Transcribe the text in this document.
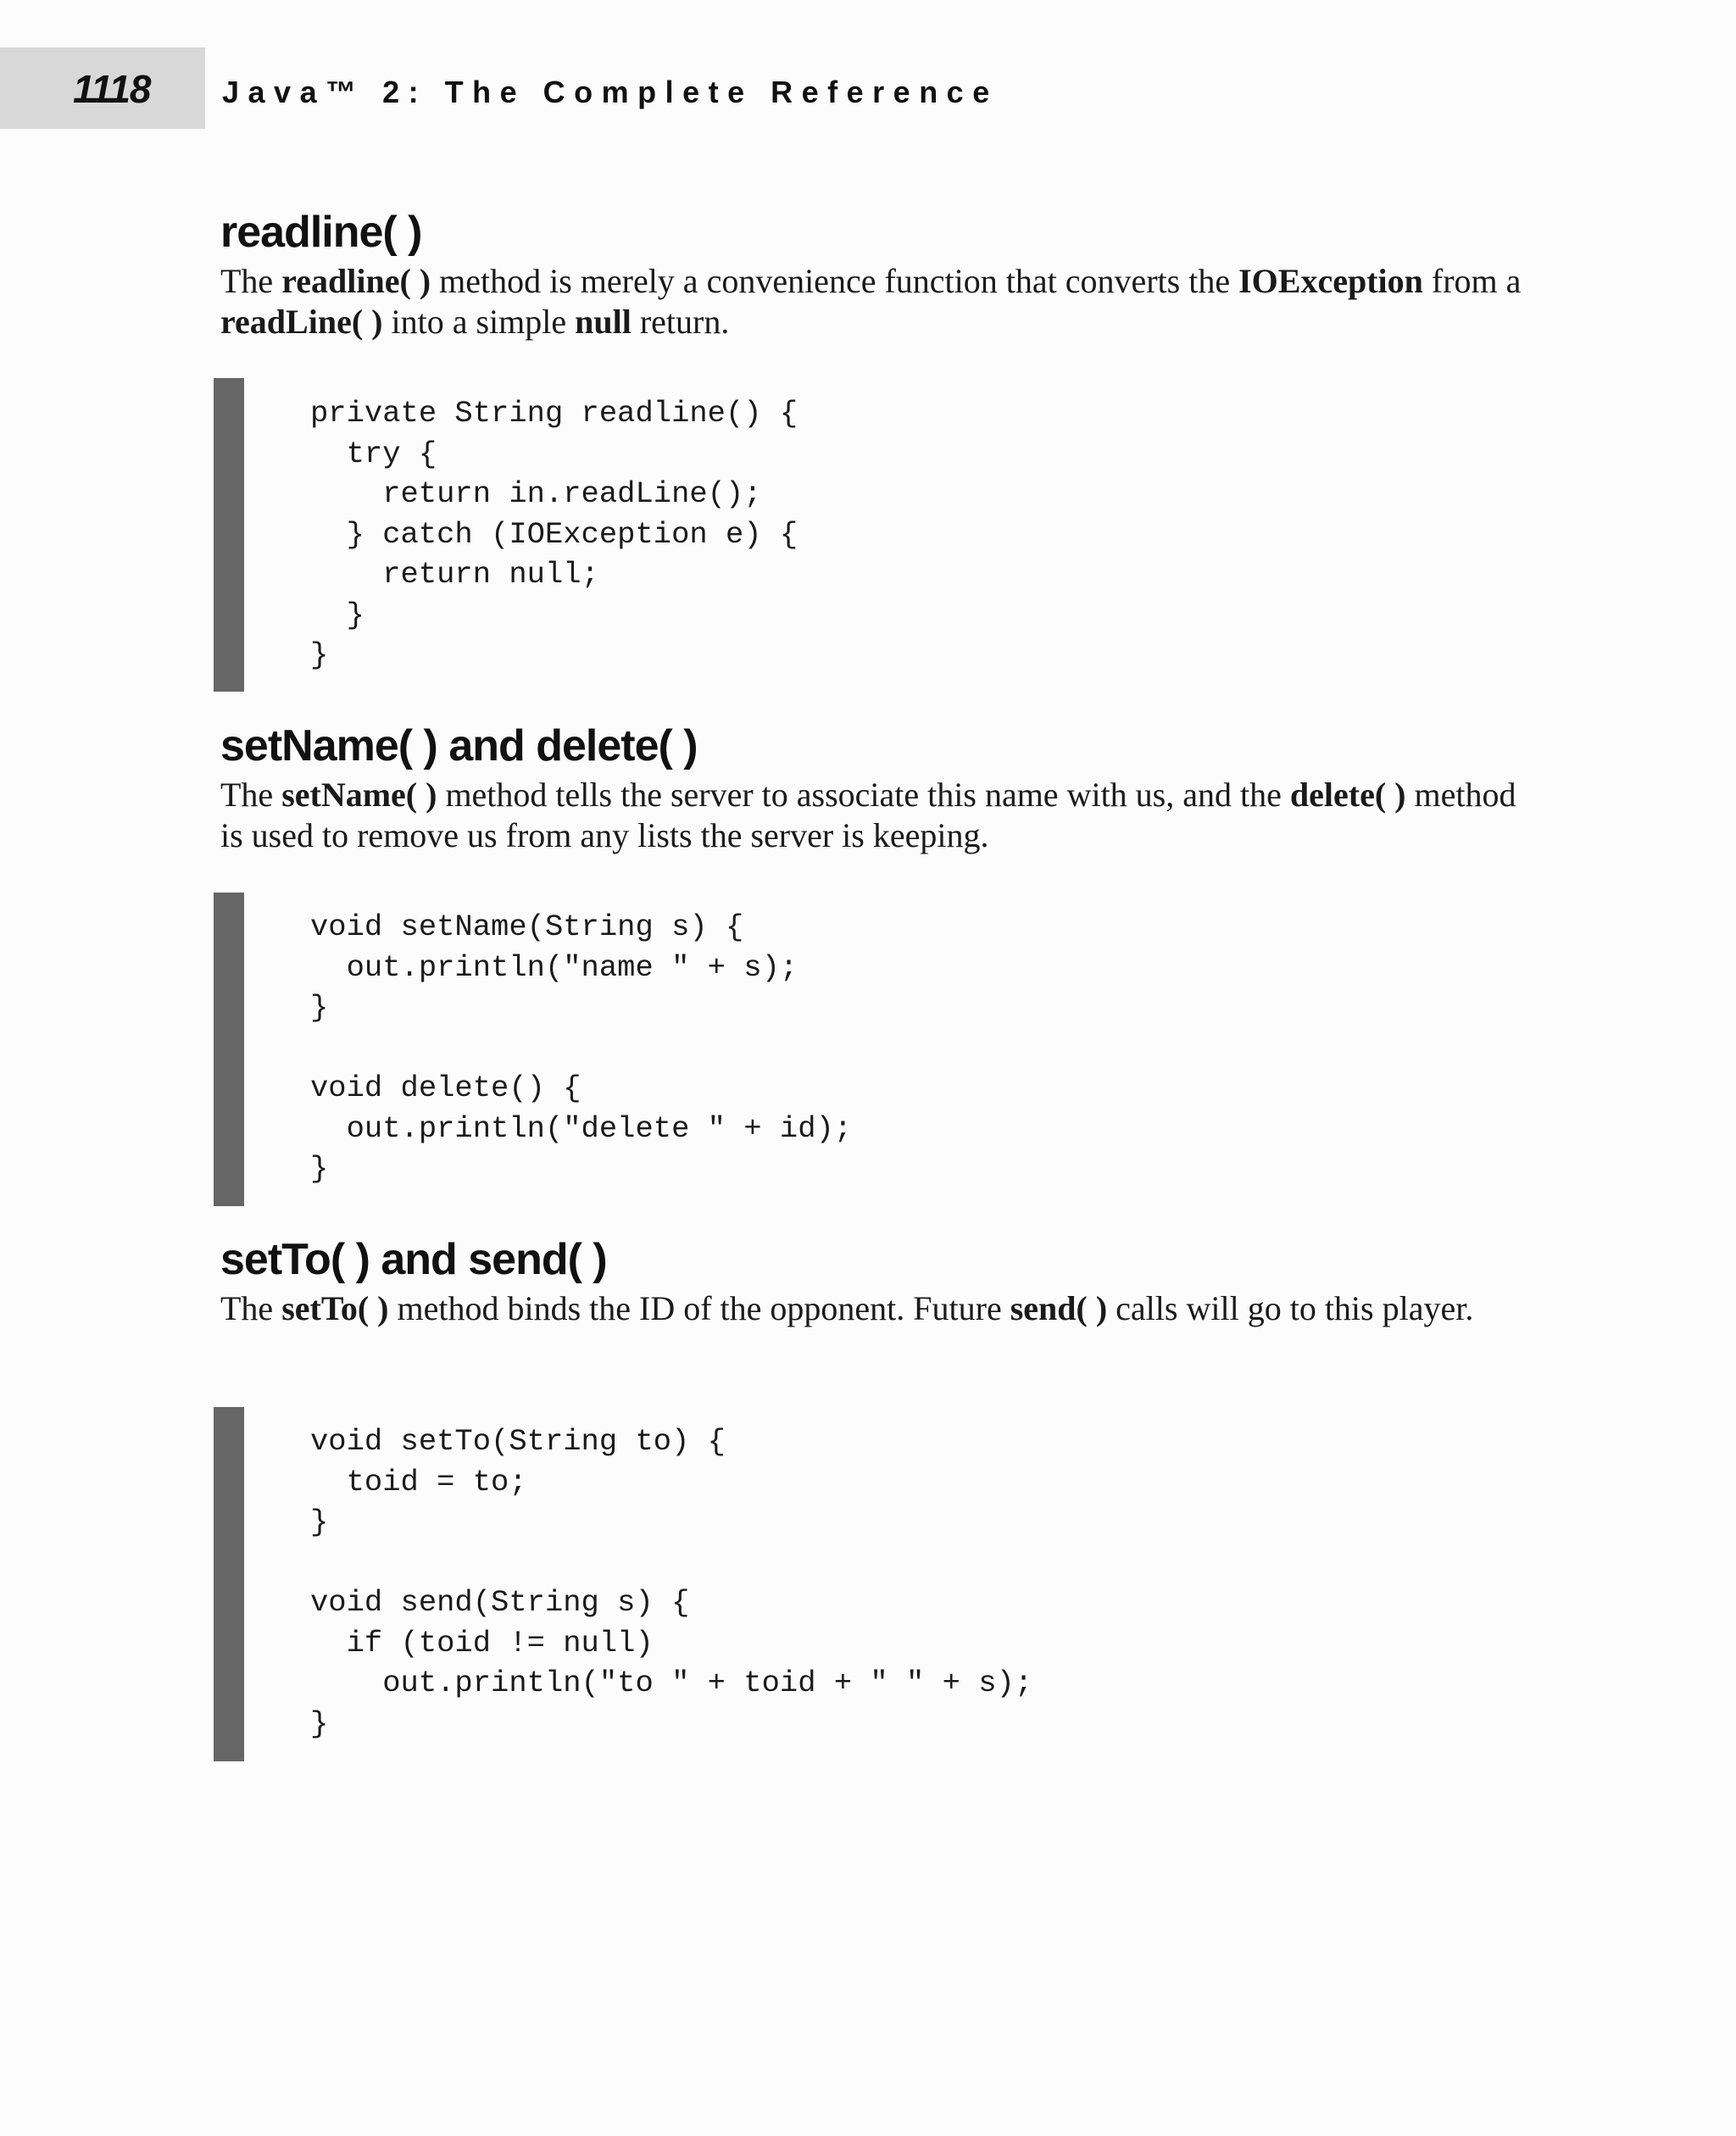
1118 Java™ 2: The Complete Reference
readline( )

The readline( ) method is merely a convenience function that converts the IOException from a readLine( ) into a simple null return.

private String readline() {
try {
return in.readLine();
} catch (IOException e) {
return null;
}
}
setName( ) and delete( )

The setName( ) method tells the server to associate this name with us, and the delete( ) method is used to remove us from any lists the server is keeping.

void setName(String s) {
out.println("name " + s);
}

void delete() {
out.println("delete " + id);
}
setTo( ) and send( )

The setTo( ) method binds the ID of the opponent. Future send( ) calls will go to this player.

void setTo(String to) {
toid = to;
}

void send(String s) {
if (toid != null)
out.println("to " + toid + " " + s);
}
